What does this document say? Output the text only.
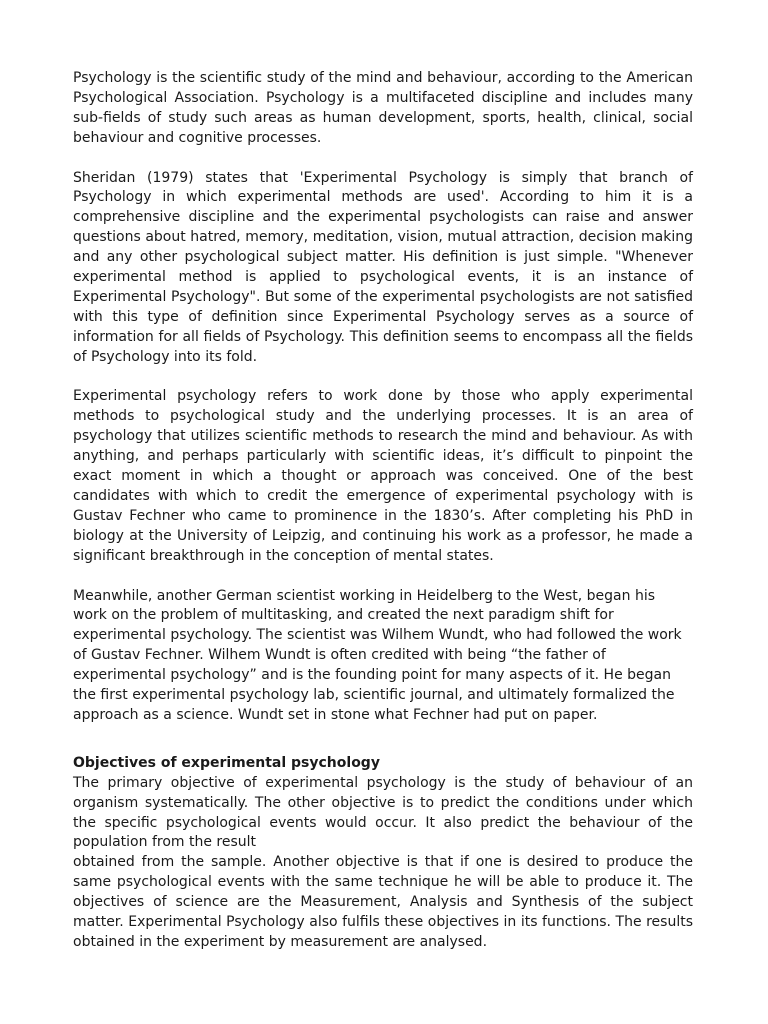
Psychology is the scientific study of the mind and behaviour, according to the American Psychological Association. Psychology is a multifaceted discipline and includes many sub-fields of study such areas as human development, sports, health, clinical, social behaviour and cognitive processes.

Sheridan (1979) states that 'Experimental Psychology is simply that branch of Psychology in which experimental methods are used'. According to him it is a comprehensive discipline and the experimental psychologists can raise and answer questions about hatred, memory, meditation, vision, mutual attraction, decision making and any other psychological subject matter. His definition is just simple. "Whenever experimental method is applied to psychological events, it is an instance of Experimental Psychology". But some of the experimental psychologists are not satisfied with this type of definition since Experimental Psychology serves as a source of information for all fields of Psychology. This definition seems to encompass all the fields of Psychology into its fold.

Experimental psychology refers to work done by those who apply experimental methods to psychological study and the underlying processes. It is an area of psychology that utilizes scientific methods to research the mind and behaviour. As with anything, and perhaps particularly with scientific ideas, it’s difficult to pinpoint the exact moment in which a thought or approach was conceived. One of the best candidates with which to credit the emergence of experimental psychology with is Gustav Fechner who came to prominence in the 1830’s. After completing his PhD in biology at the University of Leipzig, and continuing his work as a professor, he made a significant breakthrough in the conception of mental states.

Meanwhile, another German scientist working in Heidelberg to the West, began his work on the problem of multitasking, and created the next paradigm shift for experimental psychology. The scientist was Wilhem Wundt, who had followed the work of Gustav Fechner. Wilhem Wundt is often credited with being “the father of experimental psychology” and is the founding point for many aspects of it. He began the first experimental psychology lab, scientific journal, and ultimately formalized the approach as a science. Wundt set in stone what Fechner had put on paper.

Objectives of experimental psychology

The primary objective of experimental psychology is the study of behaviour of an organism systematically. The other objective is to predict the conditions under which the specific psychological events would occur. It also predict the behaviour of the population from the result

obtained from the sample. Another objective is that if one is desired to produce the same psychological events with the same technique he will be able to produce it. The objectives of science are the Measurement, Analysis and Synthesis of the subject matter. Experimental Psychology also fulfils these objectives in its functions. The results obtained in the experiment by measurement are analysed.
